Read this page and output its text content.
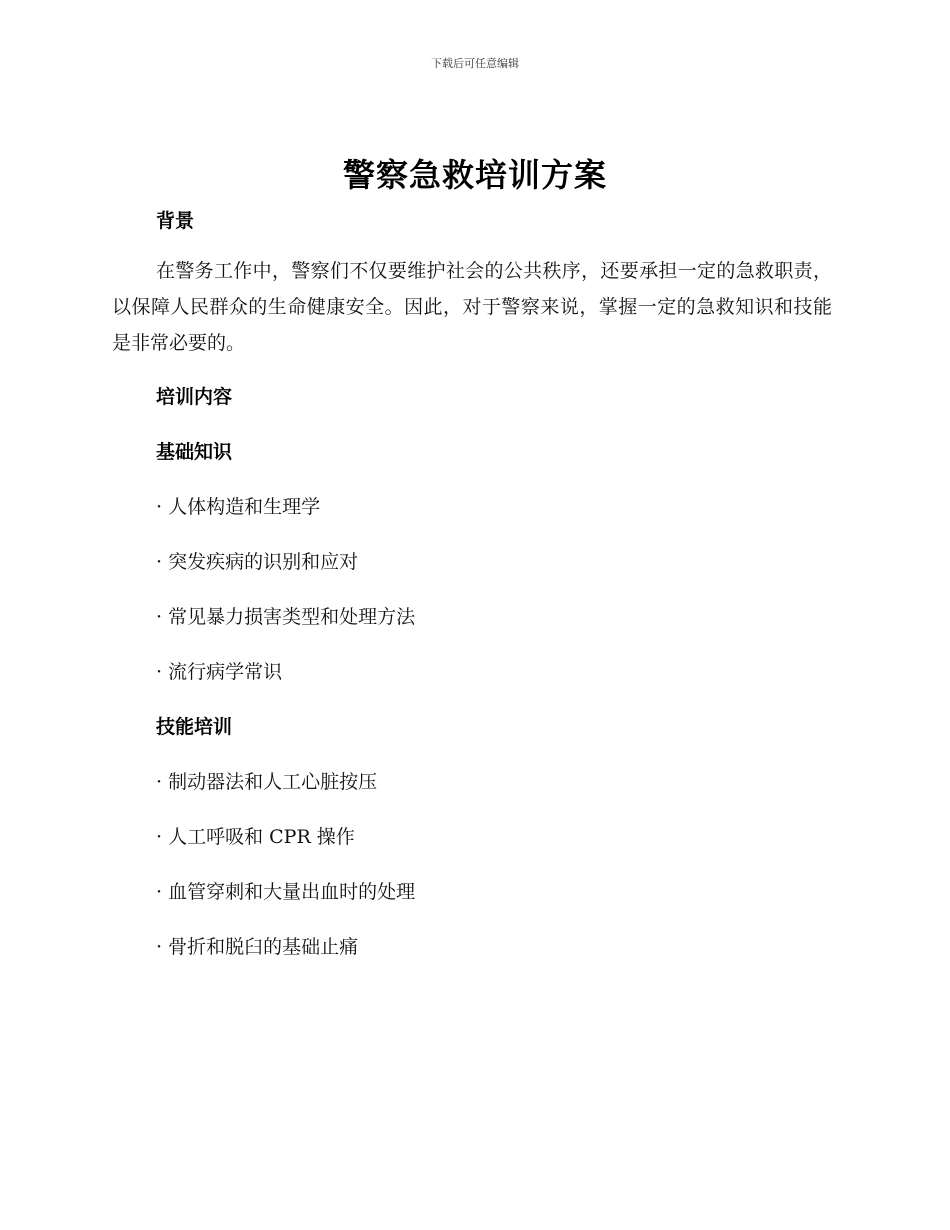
下载后可任意编辑
警察急救培训方案
背景

在警务工作中，警察们不仅要维护社会的公共秩序，还要承担一定的急救职责，以保障人民群众的生命健康安全。因此，对于警察来说，掌握一定的急救知识和技能是非常必要的。

培训内容
基础知识
· 人体构造和生理学
· 突发疾病的识别和应对
· 常见暴力损害类型和处理方法
· 流行病学常识
技能培训
· 制动器法和人工心脏按压
· 人工呼吸和 CPR 操作
· 血管穿刺和大量出血时的处理
· 骨折和脱臼的基础止痛
